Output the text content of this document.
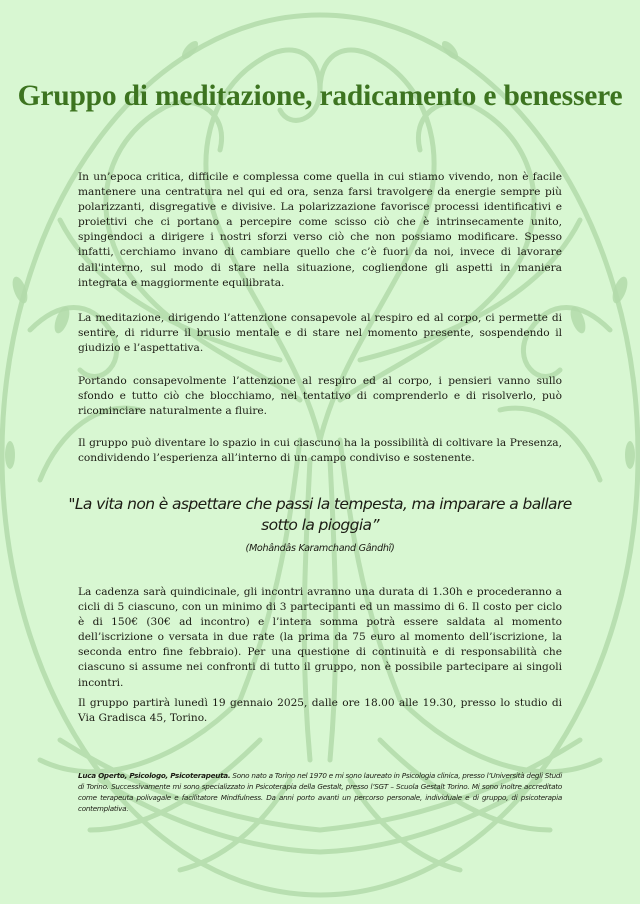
Gruppo di meditazione, radicamento e benessere

In un’epoca critica, difficile e complessa come quella in cui stiamo vivendo, non è facile mantenere una centratura nel qui ed ora, senza farsi travolgere da energie sempre più polarizzanti, disgregative e divisive. La polarizzazione favorisce processi identificativi e proiettivi che ci portano a percepire come scisso ciò che è intrinsecamente unito, spingendoci a dirigere i nostri sforzi verso ciò che non possiamo modificare. Spesso infatti, cerchiamo invano di cambiare quello che c’è fuori da noi, invece di lavorare dall'interno, sul modo di stare nella situazione, cogliendone gli aspetti in maniera integrata e maggiormente equilibrata.

La meditazione, dirigendo l’attenzione consapevole al respiro ed al corpo, ci permette di sentire, di ridurre il brusio mentale e di stare nel momento presente, sospendendo il giudizio e l’aspettativa.

Portando consapevolmente l’attenzione al respiro ed al corpo, i pensieri vanno sullo sfondo e tutto ciò che blocchiamo, nel tentativo di comprenderlo e di risolverlo, può ricominciare naturalmente a fluire.

Il gruppo può diventare lo spazio in cui ciascuno ha la possibilità di coltivare la Presenza, condividendo l’esperienza all’interno di un campo condiviso e sostenente.

"La vita non è aspettare che passi la tempesta, ma imparare a ballare sotto la pioggia”

(Mohândâs Karamchand Gândhî)

La cadenza sarà quindicinale, gli incontri avranno una durata di 1.30h e procederanno a cicli di 5 ciascuno, con un minimo di 3 partecipanti ed un massimo di 6. Il costo per ciclo è di 150€ (30€ ad incontro) e l’intera somma potrà essere saldata al momento dell’iscrizione o versata in due rate (la prima da 75 euro al momento dell’iscrizione, la seconda entro fine febbraio). Per una questione di continuità e di responsabilità che ciascuno si assume nei confronti di tutto il gruppo, non è possibile partecipare ai singoli incontri.

Il gruppo partirà lunedì 19 gennaio 2025, dalle ore 18.00 alle 19.30, presso lo studio di Via Gradisca 45, Torino.

Luca Operto, Psicologo, Psicoterapeuta. Sono nato a Torino nel 1970 e mi sono laureato in Psicologia clinica, presso l’Università degli Studi di Torino. Successivamente mi sono specializzato in Psicoterapia della Gestalt, presso l’SGT – Scuola Gestalt Torino. Mi sono inoltre accreditato come terapeuta polivagale e facilitatore Mindfulness. Da anni porto avanti un percorso personale, individuale e di gruppo, di psicoterapia contemplativa.
